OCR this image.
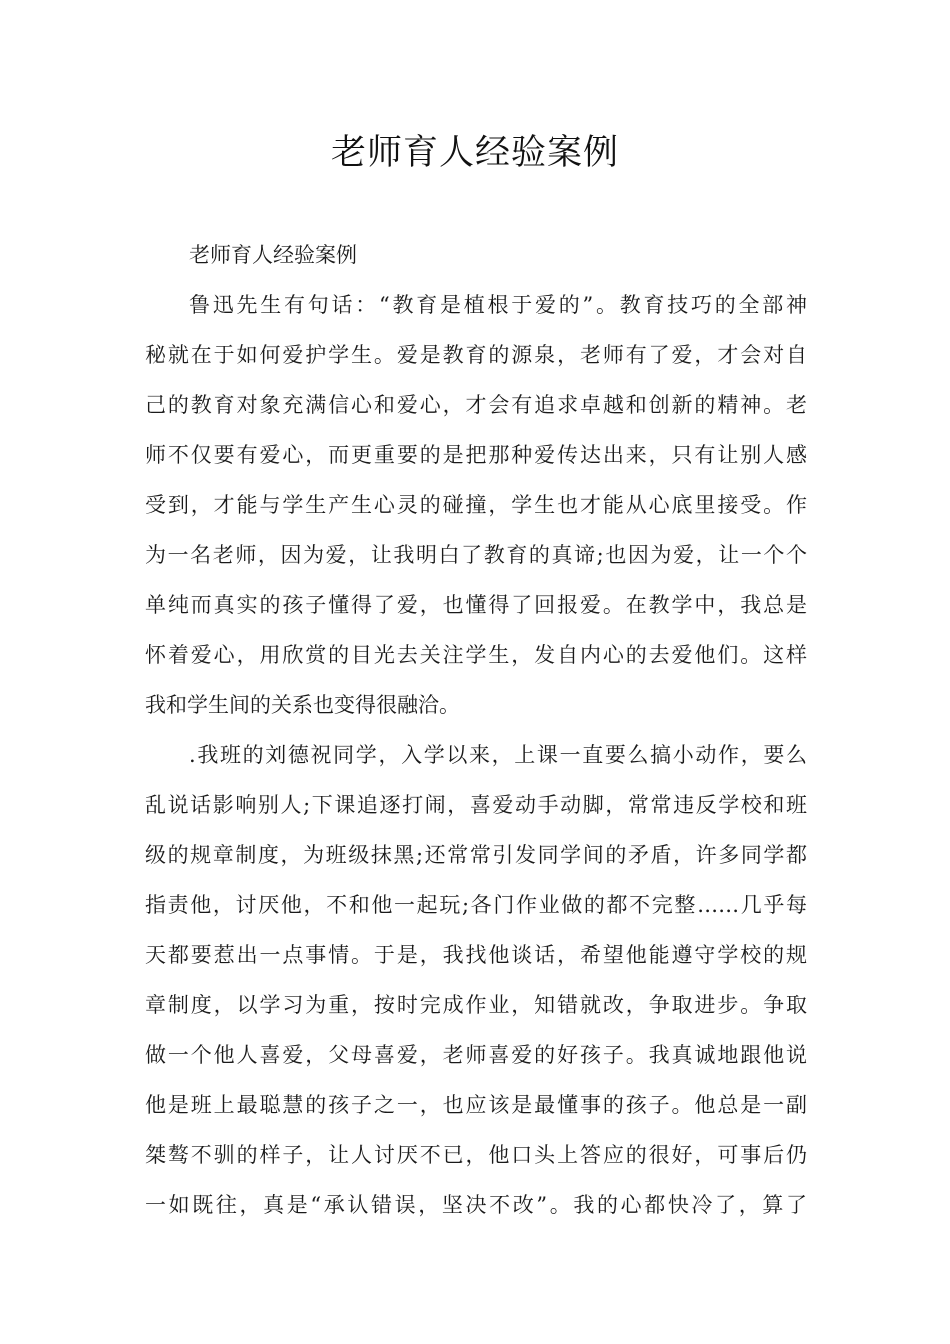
老师育人经验案例
老师育人经验案例
鲁迅先生有句话：“教育是植根于爱的”。教育技巧的全部神
秘就在于如何爱护学生。爱是教育的源泉，老师有了爱，才会对自
己的教育对象充满信心和爱心，才会有追求卓越和创新的精神。老
师不仅要有爱心，而更重要的是把那种爱传达出来，只有让别人感
受到，才能与学生产生心灵的碰撞，学生也才能从心底里接受。作
为一名老师，因为爱，让我明白了教育的真谛;也因为爱，让一个个
单纯而真实的孩子懂得了爱，也懂得了回报爱。在教学中，我总是
怀着爱心，用欣赏的目光去关注学生，发自内心的去爱他们。这样
我和学生间的关系也变得很融洽。
.我班的刘德祝同学，入学以来，上课一直要么搞小动作，要么
乱说话影响别人;下课追逐打闹，喜爱动手动脚，常常违反学校和班
级的规章制度，为班级抹黑;还常常引发同学间的矛盾，许多同学都
指责他，讨厌他，不和他一起玩;各门作业做的都不完整……几乎每
天都要惹出一点事情。于是，我找他谈话，希望他能遵守学校的规
章制度，以学习为重，按时完成作业，知错就改，争取进步。争取
做一个他人喜爱，父母喜爱，老师喜爱的好孩子。我真诚地跟他说
他是班上最聪慧的孩子之一，也应该是最懂事的孩子。他总是一副
桀骜不驯的样子，让人讨厌不已，他口头上答应的很好，可事后仍
一如既往，真是“承认错误，坚决不改”。我的心都快冷了，算了
